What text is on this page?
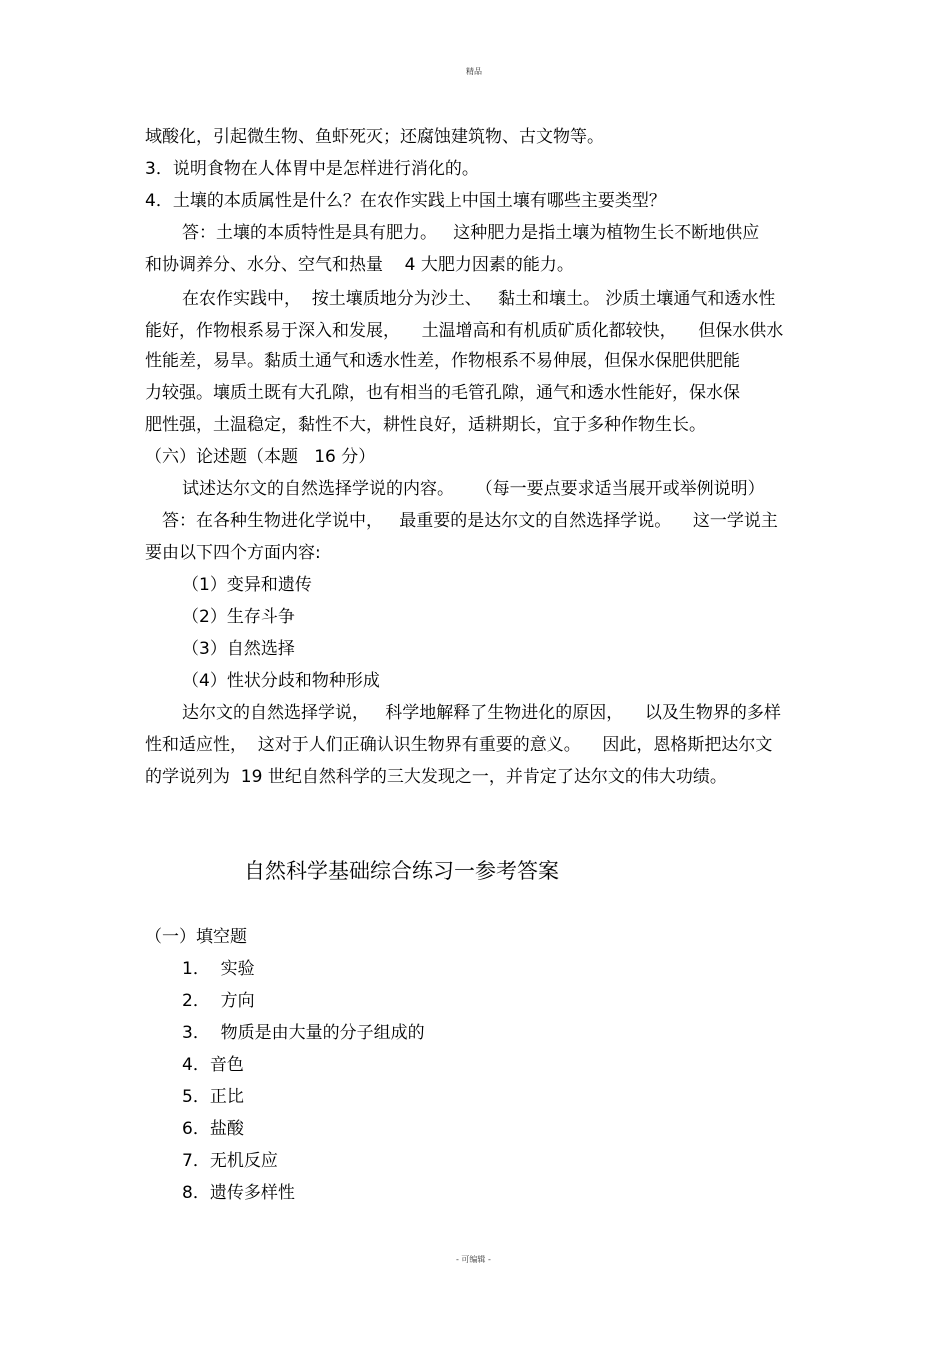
精品
域酸化，引起微生物、鱼虾死灭；还腐蚀建筑物、古文物等。
3．说明食物在人体胃中是怎样进行消化的。
4．土壤的本质属性是什么？在农作实践上中国土壤有哪些主要类型？
答：土壤的本质特性是具有肥力。   这种肥力是指土壤为植物生长不断地供应
和协调养分、水分、空气和热量    4 大肥力因素的能力。
在农作实践中，  按土壤质地分为沙土、   黏土和壤土。 沙质土壤通气和透水性
能好，作物根系易于深入和发展，    土温增高和有机质矿质化都较快，    但保水供水
性能差，易旱。黏质土通气和透水性差，作物根系不易伸展，但保水保肥供肥能
力较强。壤质土既有大孔隙，也有相当的毛管孔隙，通气和透水性能好，保水保
肥性强，土温稳定，黏性不大，耕性良好，适耕期长，宜于多种作物生长。
（六）论述题（本题   16 分）
试述达尔文的自然选择学说的内容。    （每一要点要求适当展开或举例说明）
答：在各种生物进化学说中，   最重要的是达尔文的自然选择学说。    这一学说主
要由以下四个方面内容:
（1）变异和遗传
（2）生存斗争
（3）自然选择
（4）性状分歧和物种形成
达尔文的自然选择学说，   科学地解释了生物进化的原因，    以及生物界的多样
性和适应性，  这对于人们正确认识生物界有重要的意义。    因此，恩格斯把达尔文
的学说列为  19 世纪自然科学的三大发现之一，并肯定了达尔文的伟大功绩。
自然科学基础综合练习一参考答案
（一）填空题
1．  实验
2．  方向
3．  物质是由大量的分子组成的
4．音色
5．正比
6．盐酸
7．无机反应
8．遗传多样性
- 可编辑 -
